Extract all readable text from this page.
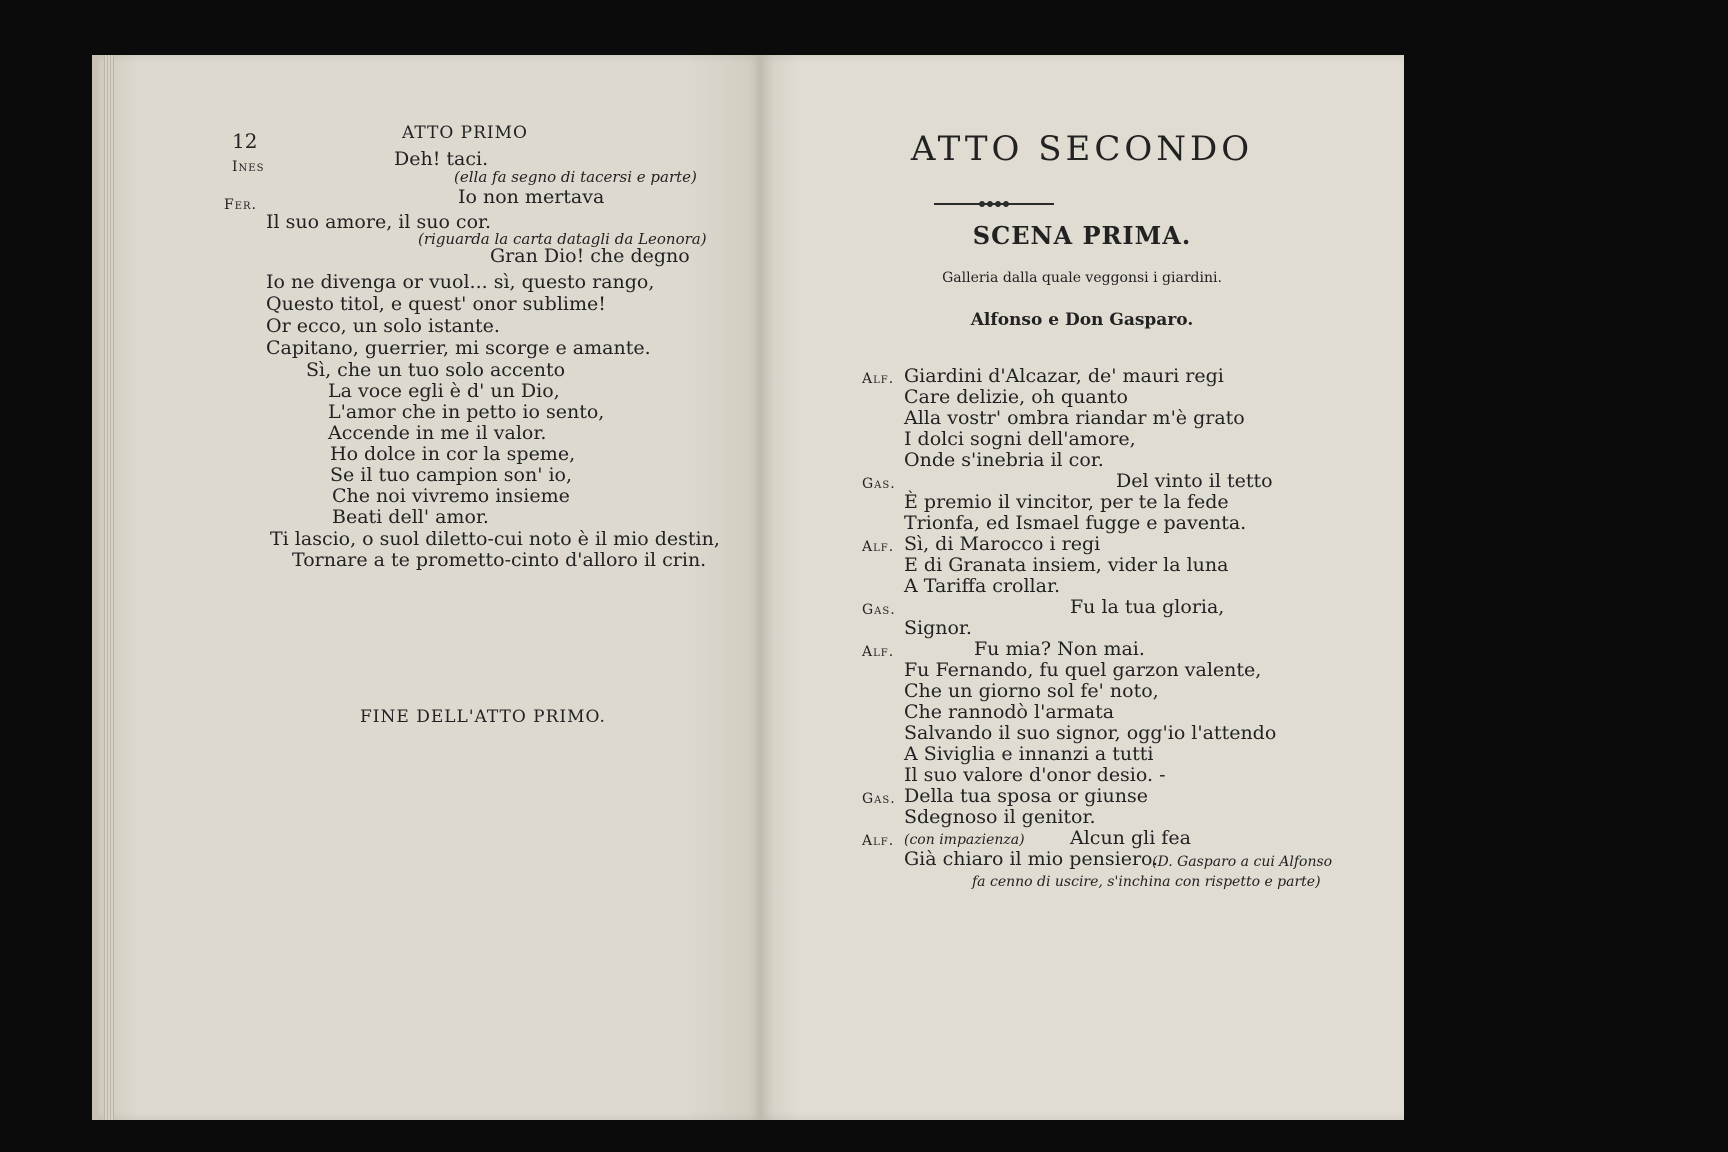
12	ATTO PRIMO
Ines	Deh! taci.
(ella fa segno di tacersi e parte)
Fer.	Io non mertava
Il suo amore, il suo cor.
(riguarda la carta datagli da Leonora)
Gran Dio! che degno
Io ne divenga or vuol... sì, questo rango,
Questo titol, e quest' onor sublime!
Or ecco, un solo istante.
Capitano, guerrier, mi scorge e amante.
Sì, che un tuo solo accento
La voce egli è d' un Dio,
L'amor che in petto io sento,
Accende in me il valor.
Ho dolce in cor la speme,
Se il tuo campion son' io,
Che noi vivremo insieme
Beati dell' amor.
Ti lascio, o suol diletto-cui noto è il mio destin,
Tornare a te prometto-cinto d'alloro il crin.
FINE DELL'ATTO PRIMO.
ATTO SECONDO
SCENA PRIMA.
Galleria dalla quale veggonsi i giardini.
Alfonso e Don Gasparo.
Alf. Giardini d'Alcazar, de' mauri regi
Care delizie, oh quanto
Alla vostr' ombra riandar m'è grato
I dolci sogni dell'amore,
Onde s'inebria il cor.
Gas.	Del vinto il tetto
È premio il vincitor, per te la fede
Trionfa, ed Ismael fugge e paventa.
Alf. Sì, di Marocco i regi
E di Granata insiem, vider la luna
A Tariffa crollar.
Gas.	Fu la tua gloria,
Signor.
Alf.	Fu mia? Non mai.
Fu Fernando, fu quel garzon valente,
Che un giorno sol fe' noto,
Che rannodò l'armata
Salvando il suo signor, ogg'io l'attendo
A Siviglia e innanzi a tutti
Il suo valore d'onor desio. -
Gas. Della tua sposa or giunse
Sdegnoso il genitor.
Alf. (con impazienza) Alcun gli fea
Già chiaro il mio pensiero.
(D. Gasparo a cui Alfonso
fa cenno di uscire, s'inchina con rispetto e parte)
